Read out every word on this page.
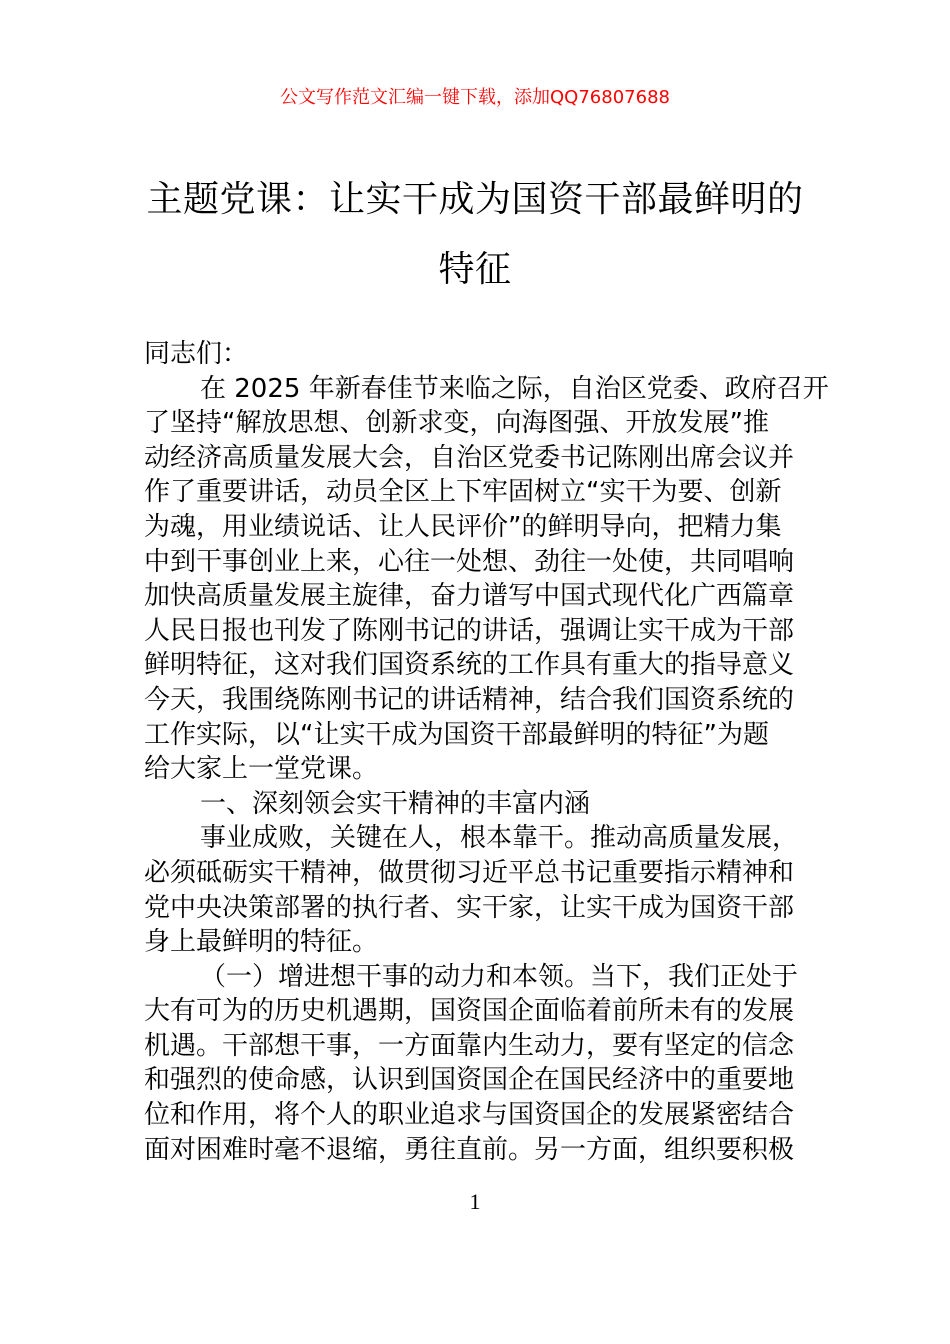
公文写作范文汇编一键下载，添加QQ76807688
主题党课：让实干成为国资干部最鲜明的
特征
同志们：
在 2025 年新春佳节来临之际，自治区党委、政府召开
了坚持“解放思想、创新求变，向海图强、开放发展”推
动经济高质量发展大会，自治区党委书记陈刚出席会议并
作了重要讲话，动员全区上下牢固树立“实干为要、创新
为魂，用业绩说话、让人民评价”的鲜明导向，把精力集
中到干事创业上来，心往一处想、劲往一处使，共同唱响
加快高质量发展主旋律，奋力谱写中国式现代化广西篇章
人民日报也刊发了陈刚书记的讲话，强调让实干成为干部
鲜明特征，这对我们国资系统的工作具有重大的指导意义
今天，我围绕陈刚书记的讲话精神，结合我们国资系统的
工作实际，以“让实干成为国资干部最鲜明的特征”为题
给大家上一堂党课。
一、深刻领会实干精神的丰富内涵
事业成败，关键在人，根本靠干。推动高质量发展，
必须砥砺实干精神，做贯彻习近平总书记重要指示精神和
党中央决策部署的执行者、实干家，让实干成为国资干部
身上最鲜明的特征。
（一）增进想干事的动力和本领。当下，我们正处于
大有可为的历史机遇期，国资国企面临着前所未有的发展
机遇。干部想干事，一方面靠内生动力，要有坚定的信念
和强烈的使命感，认识到国资国企在国民经济中的重要地
位和作用，将个人的职业追求与国资国企的发展紧密结合
面对困难时毫不退缩，勇往直前。另一方面，组织要积极
1
